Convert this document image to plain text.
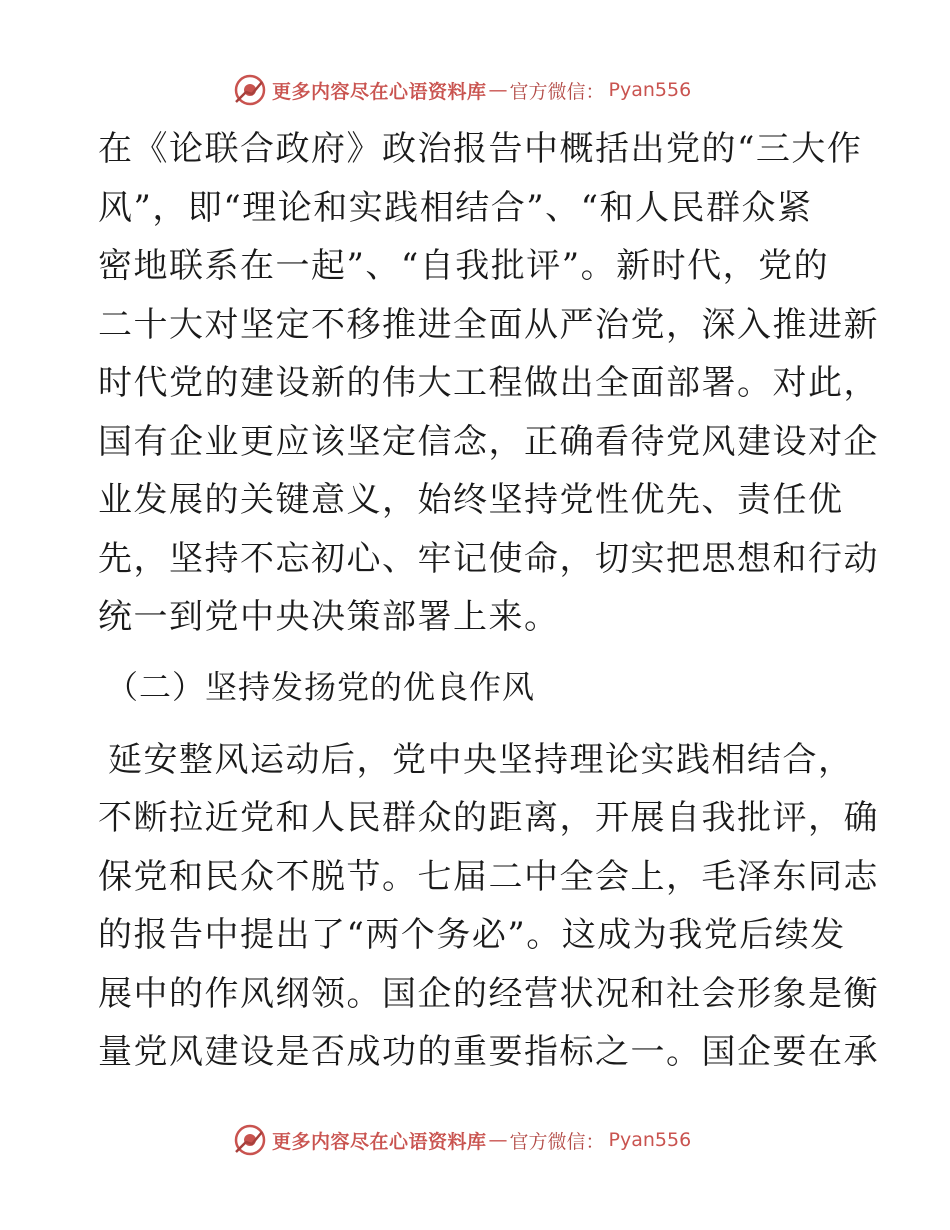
更多内容尽在心语资料库 — 官方微信： Pyan556
在《论联合政府》政治报告中概括出党的“三大作
风”，即“理论和实践相结合”、“和人民群众紧
密地联系在一起”、“自我批评”。新时代，党的
二十大对坚定不移推进全面从严治党，深入推进新
时代党的建设新的伟大工程做出全面部署。对此，
国有企业更应该坚定信念，正确看待党风建设对企
业发展的关键意义，始终坚持党性优先、责任优
先，坚持不忘初心、牢记使命，切实把思想和行动
统一到党中央决策部署上来。
（二）坚持发扬党的优良作风
延安整风运动后，党中央坚持理论实践相结合，
不断拉近党和人民群众的距离，开展自我批评，确
保党和民众不脱节。七届二中全会上，毛泽东同志
的报告中提出了“两个务必”。这成为我党后续发
展中的作风纲领。国企的经营状况和社会形象是衡
量党风建设是否成功的重要指标之一。国企要在承
更多内容尽在心语资料库 — 官方微信： Pyan556
